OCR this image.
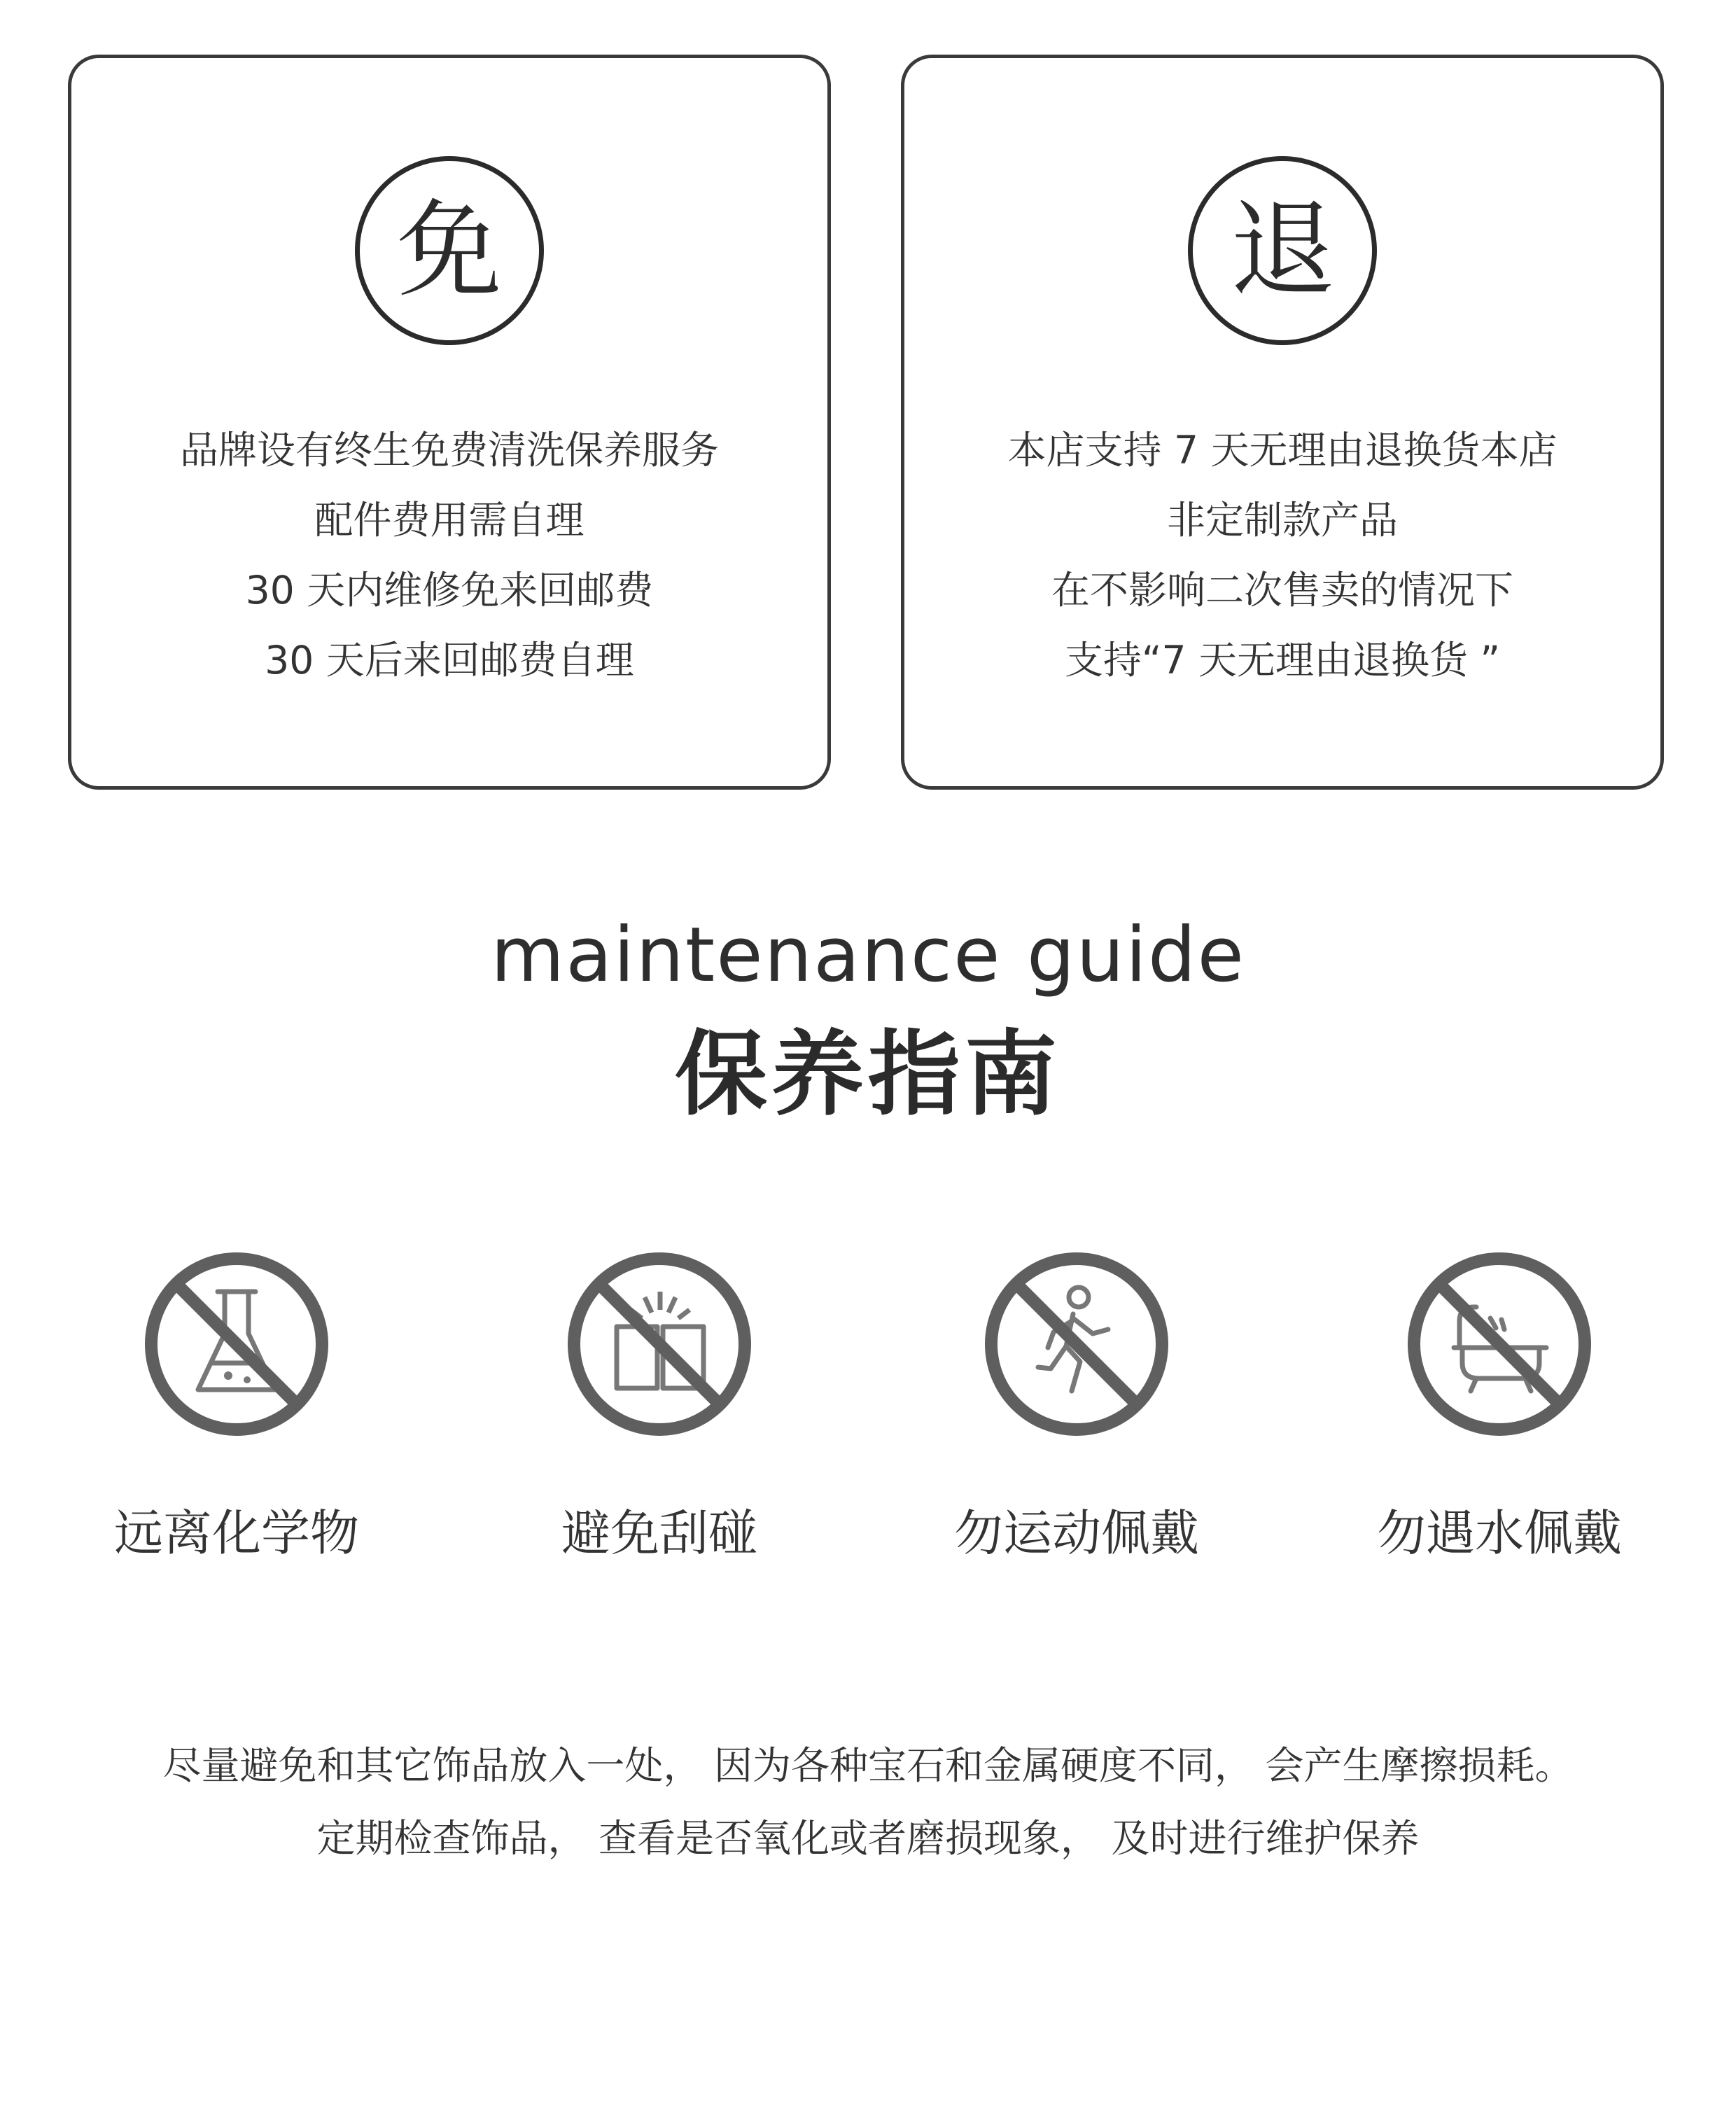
免
品牌设有终生免费清洗保养服务
配件费用需自理
30 天内维修免来回邮费
30 天后来回邮费自理
退
本店支持 7 天无理由退换货本店
非定制款产品
在不影响二次售卖的情况下
支持“7 天无理由退换货 ”
maintenance guide
保养指南
远离化学物	避免刮碰	勿运动佩戴	勿遇水佩戴
尽量避免和其它饰品放入一处， 因为各种宝石和金属硬度不同， 会产生摩擦损耗。
定期检查饰品， 查看是否氧化或者磨损现象， 及时进行维护保养
